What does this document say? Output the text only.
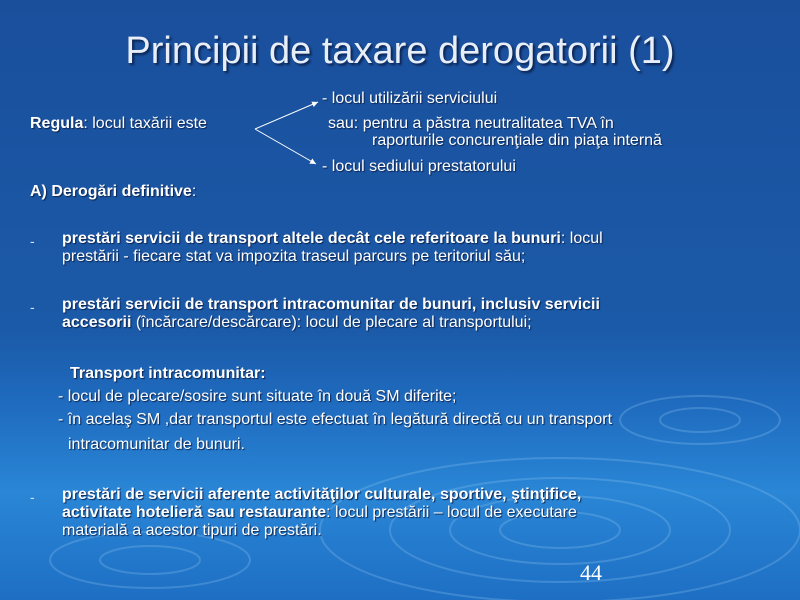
Principii de taxare derogatorii (1)
- locul utilizării serviciului
Regula: locul taxării este	sau: pentru a păstra neutralitatea TVA în
raporturile concurenţiale din piaţa internă
- locul sediului prestatorului
A) Derogări definitive:
- prestări servicii de transport altele decât cele referitoare la bunuri: locul
prestării - fiecare stat va impozita traseul parcurs pe teritoriul său;
- prestări servicii de transport intracomunitar de bunuri, inclusiv servicii
accesorii (încărcare/descărcare): locul de plecare al transportului;
Transport intracomunitar:
- locul de plecare/sosire sunt situate în două SM diferite;
- în acelaş SM ,dar transportul este efectuat în legătură directă cu un transport
intracomunitar de bunuri.
- prestări de servicii aferente activităţilor culturale, sportive, ştinţifice,
activitate hotelieră sau restaurante: locul prestării – locul de executare
materială a acestor tipuri de prestări.
44
